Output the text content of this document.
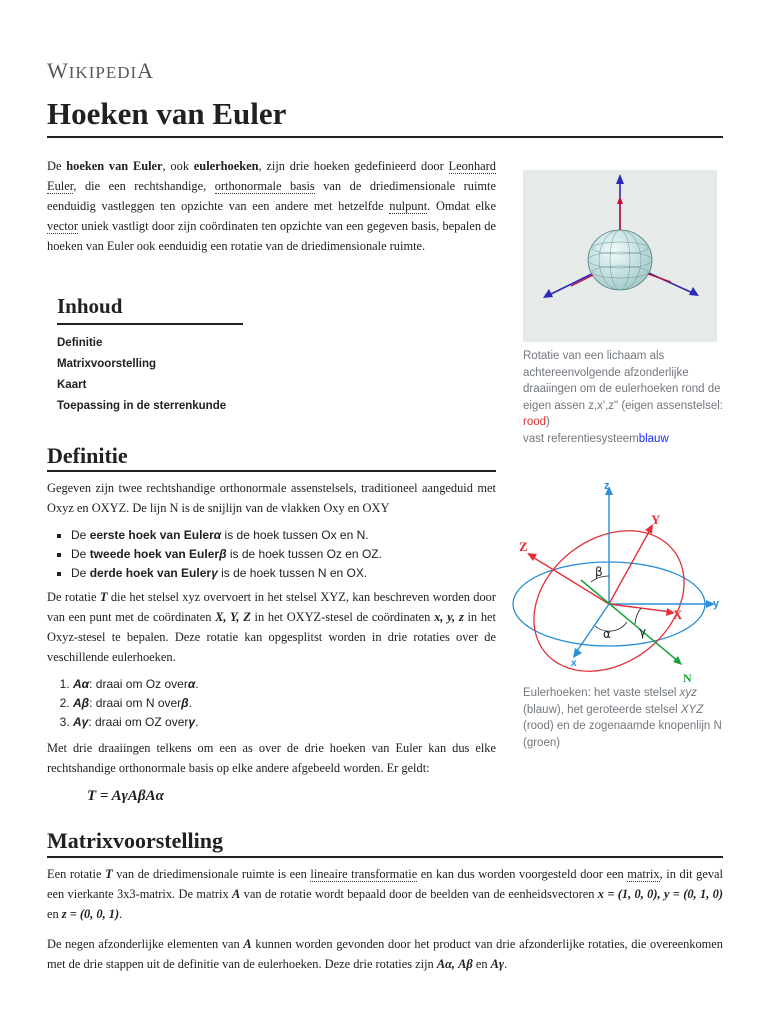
WIKIPEDIA
Hoeken van Euler
De hoeken van Euler, ook eulerhoeken, zijn drie hoeken gedefinieerd door Leonhard Euler, die een rechtshandige, orthonormale basis van de driedimensionale ruimte eenduidig vastleggen ten opzichte van een andere met hetzelfde nulpunt. Omdat elke vector uniek vastligt door zijn coördinaten ten opzichte van een gegeven basis, bepalen de hoeken van Euler ook eenduidig een rotatie van de driedimensionale ruimte.
Rotatie van een lichaam als achtereenvolgende afzonderlijke draaiingen om de eulerhoeken rond de eigen assen z,x',z" (eigen assenstelsel: rood)
vast referentiesysteemblauw
Inhoud
Definitie
Matrixvoorstelling
Kaart
Toepassing in de sterrenkunde
Definitie
Gegeven zijn twee rechtshandige orthonormale assenstelsels, traditioneel aangeduid met Oxyz en OXYZ. De lijn N is de snijlijn van de vlakken Oxy en OXY
▪ De eerste hoek van Eulerα is de hoek tussen Ox en N.
▪ De tweede hoek van Eulerβ is de hoek tussen Oz en OZ.
▪ De derde hoek van Eulerγ is de hoek tussen N en OX.
De rotatie T die het stelsel xyz overvoert in het stelsel XYZ, kan beschreven worden door van een punt met de coördinaten X, Y, Z in het OXYZ-stesel de coördinaten x, y, z in het Oxyz-stesel te bepalen. Deze rotatie kan opgesplitst worden in drie rotaties over de veschillende eulerhoeken.
1. Aα: draai om Oz overα.
2. Aβ: draai om N overβ.
3. Aγ: draai om OZ overγ.
Met drie draaiingen telkens om een as over de drie hoeken van Euler kan dus elke rechtshandige orthonormale basis op elke andere afgebeeld worden. Er geldt:
T = AγAβAα
z
y
x
Z
Y
X
N
β
α γ
Eulerhoeken: het vaste stelsel xyz (blauw), het geroteerde stelsel XYZ (rood) en de zogenaamde knopenlijn N (groen)
Matrixvoorstelling
Een rotatie T van de driedimensionale ruimte is een lineaire transformatie en kan dus worden voorgesteld door een matrix, in dit geval een vierkante 3x3-matrix. De matrix A van de rotatie wordt bepaald door de beelden van de eenheidsvectoren x = (1, 0, 0), y = (0, 1, 0) en z = (0, 0, 1).
De negen afzonderlijke elementen van A kunnen worden gevonden door het product van drie afzonderlijke rotaties, die overeenkomen met de drie stappen uit de definitie van de eulerhoeken. Deze drie rotaties zijn Aα, Aβ en Aγ.
